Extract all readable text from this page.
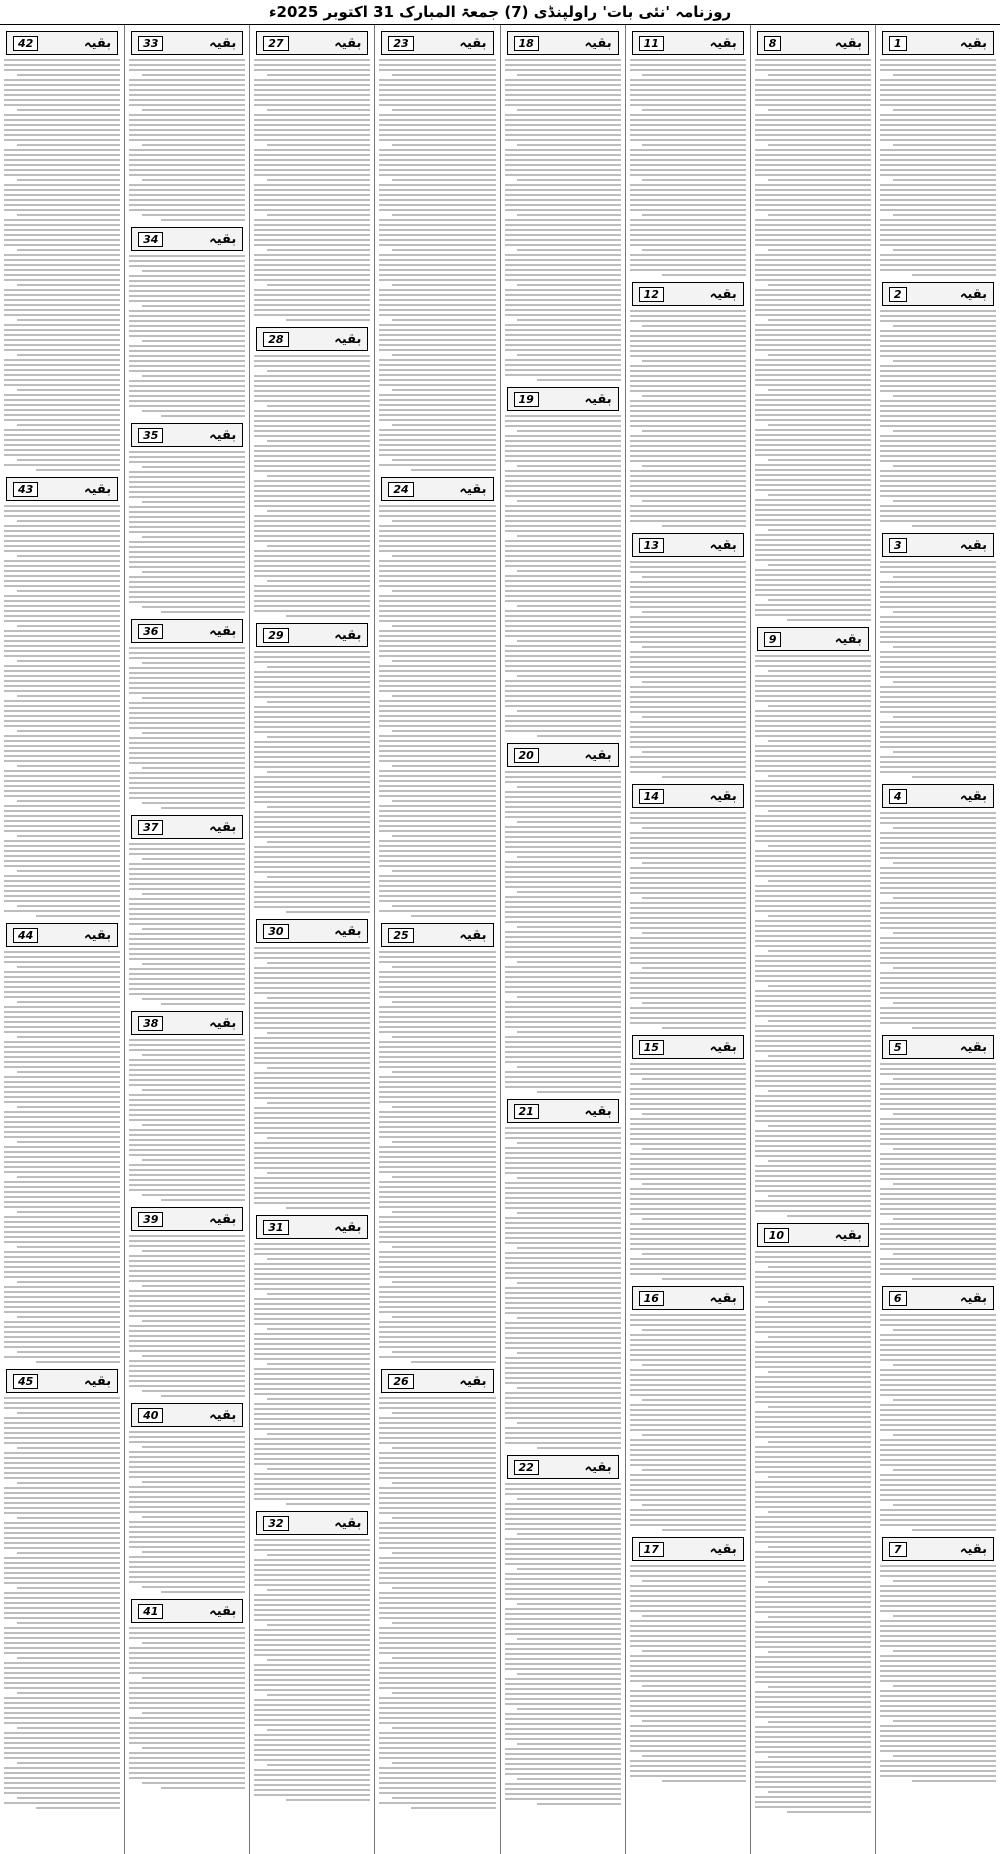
روزنامہ 'نئی بات' راولپنڈی (7) جمعۃ المبارک 31 اکتوبر 2025ء
بقیہ
1
بقیہ
2
بقیہ
3
بقیہ
4
بقیہ
5
بقیہ
6
بقیہ
7
بقیہ
8
بقیہ
9
بقیہ
10
بقیہ
11
بقیہ
12
بقیہ
13
بقیہ
14
بقیہ
15
بقیہ
16
بقیہ
17
بقیہ
18
بقیہ
19
بقیہ
20
بقیہ
21
بقیہ
22
بقیہ
23
بقیہ
24
بقیہ
25
بقیہ
26
بقیہ
27
بقیہ
28
بقیہ
29
بقیہ
30
بقیہ
31
بقیہ
32
بقیہ
33
بقیہ
34
بقیہ
35
بقیہ
36
بقیہ
37
بقیہ
38
بقیہ
39
بقیہ
40
بقیہ
41
بقیہ
42
بقیہ
43
بقیہ
44
بقیہ
45
